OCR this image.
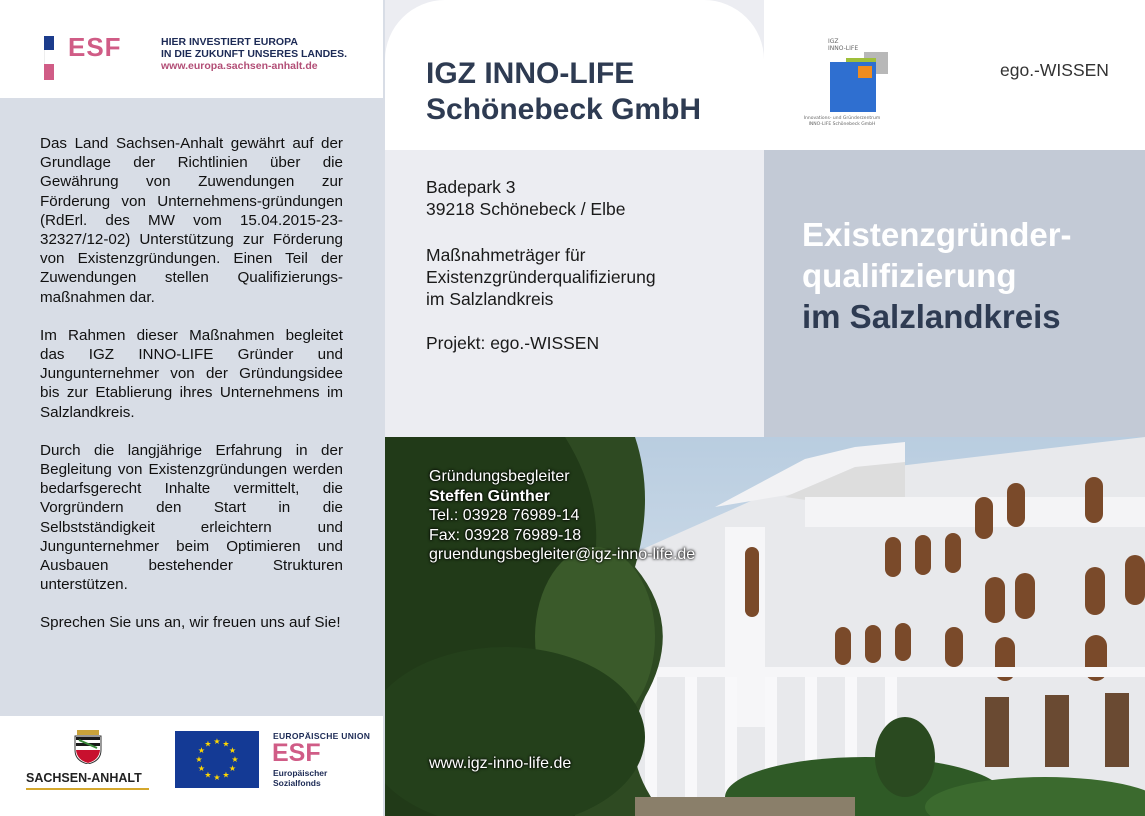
ESF	HIER INVESTIERT EUROPA
IN DIE ZUKUNFT UNSERES LANDES.
www.europa.sachsen-anhalt.de

Das Land Sachsen-Anhalt gewährt auf der Grundlage der Richtlinien über die Gewährung von Zuwendungen zur Förderung von Unternehmens-gründungen (RdErl. des MW vom 15.04.2015-23-32327/12-02) Unterstützung zur Förderung von Existenzgründungen. Einen Teil der Zuwendungen stellen Qualifizierungs-maßnahmen dar.

Im Rahmen dieser Maßnahmen begleitet das IGZ INNO-LIFE Gründer und Jungunternehmer von der Gründungsidee bis zur Etablierung ihres Unternehmens im Salzlandkreis.

Durch die langjährige Erfahrung in der Begleitung von Existenzgründungen werden bedarfsgerecht Inhalte vermittelt, die Vorgründern den Start in die Selbstständigkeit erleichtern und Jungunternehmer beim Optimieren und Ausbauen bestehender Strukturen unterstützen.

Sprechen Sie uns an, wir freuen uns auf Sie!

SACHSEN-ANHALT
★ ★
★
★
★
★
★
★
★
★
★
★
EUROPÄISCHE UNION
ESF
Europäischer
Sozialfonds
IGZ INNO-LIFE
Schönebeck GmbH
Badepark 3
39218 Schönebeck / Elbe
Maßnahmeträger für
Existenzgründerqualifizierung
im Salzlandkreis
Projekt: ego.-WISSEN
IGZ
INNO-LIFE
Innovations- und Gründerzentrum
INNO-LIFE Schönebeck GmbH
ego.-WISSEN
Existenzgründer-
qualifizierung
im Salzlandkreis
Gründungsbegleiter
Steffen Günther
Tel.: 03928 76989-14
Fax: 03928 76989-18
gruendungsbegleiter@igz-inno-life.de
www.igz-inno-life.de
